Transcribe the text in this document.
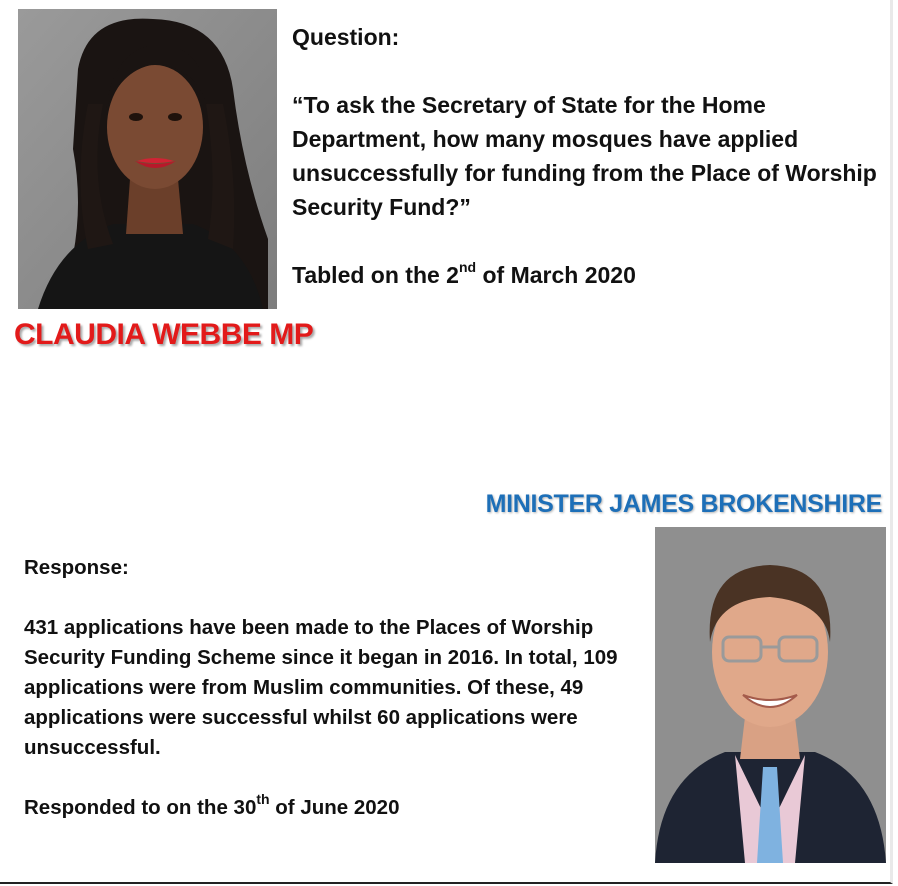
Question:

“To ask the Secretary of State for the Home Department, how many mosques have applied unsuccessfully for funding from the Place of Worship Security Fund?”

Tabled on the 2nd of March 2020

CLAUDIA WEBBE MP
MINISTER JAMES BROKENSHIRE

Response:

431 applications have been made to the Places of Worship Security Funding Scheme since it began in 2016. In total, 109 applications were from Muslim communities. Of these, 49 applications were successful whilst 60 applications were unsuccessful.

Responded to on the 30th of June 2020
